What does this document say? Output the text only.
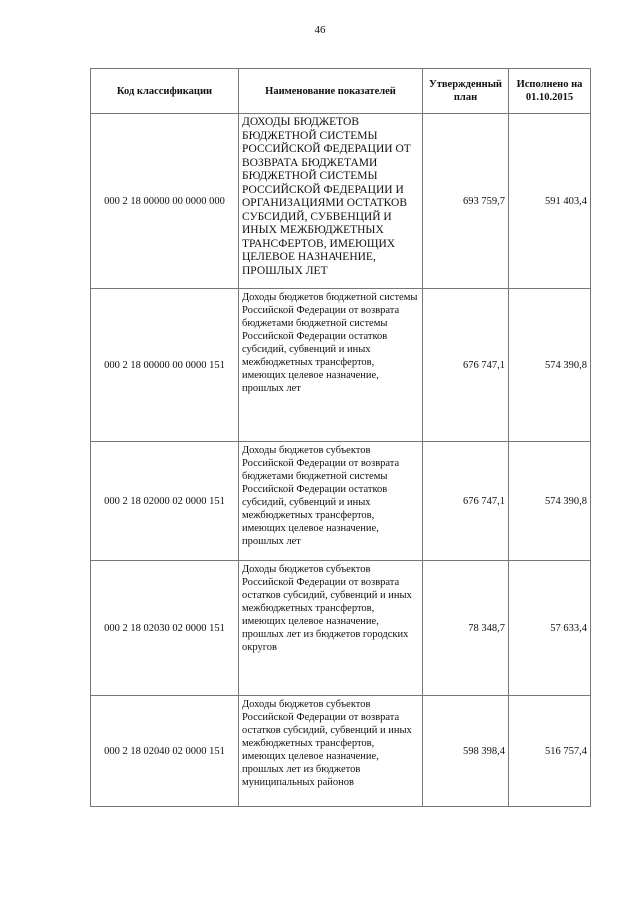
46
Код классификации	Наименование показателей	Утвержденный план	Исполнено на 01.10.2015
000 2 18 00000 00 0000 000	ДОХОДЫ БЮДЖЕТОВ БЮДЖЕТНОЙ СИСТЕМЫ РОССИЙСКОЙ ФЕДЕРАЦИИ ОТ ВОЗВРАТА БЮДЖЕТАМИ БЮДЖЕТНОЙ СИСТЕМЫ РОССИЙСКОЙ ФЕДЕРАЦИИ И ОРГАНИЗАЦИЯМИ ОСТАТКОВ СУБСИДИЙ, СУБВЕНЦИЙ И ИНЫХ МЕЖБЮДЖЕТНЫХ ТРАНСФЕРТОВ, ИМЕЮЩИХ ЦЕЛЕВОЕ НАЗНАЧЕНИЕ, ПРОШЛЫХ ЛЕТ	693 759,7	591 403,4
000 2 18 00000 00 0000 151	Доходы бюджетов бюджетной системы Российской Федерации от возврата бюджетами бюджетной системы Российской Федерации остатков субсидий, субвенций и иных межбюджетных трансфертов, имеющих целевое назначение, прошлых лет	676 747,1	574 390,8
000 2 18 02000 02 0000 151	Доходы бюджетов субъектов Российской Федерации от возврата бюджетами бюджетной системы Российской Федерации остатков субсидий, субвенций и иных межбюджетных трансфертов, имеющих целевое назначение, прошлых лет	676 747,1	574 390,8
000 2 18 02030 02 0000 151	Доходы бюджетов субъектов Российской Федерации от возврата остатков субсидий, субвенций и иных межбюджетных трансфертов, имеющих целевое назначение, прошлых лет из бюджетов городских округов	78 348,7	57 633,4
000 2 18 02040 02 0000 151	Доходы бюджетов субъектов Российской Федерации от возврата остатков субсидий, субвенций и иных межбюджетных трансфертов, имеющих целевое назначение, прошлых лет из бюджетов муниципальных районов	598 398,4	516 757,4
